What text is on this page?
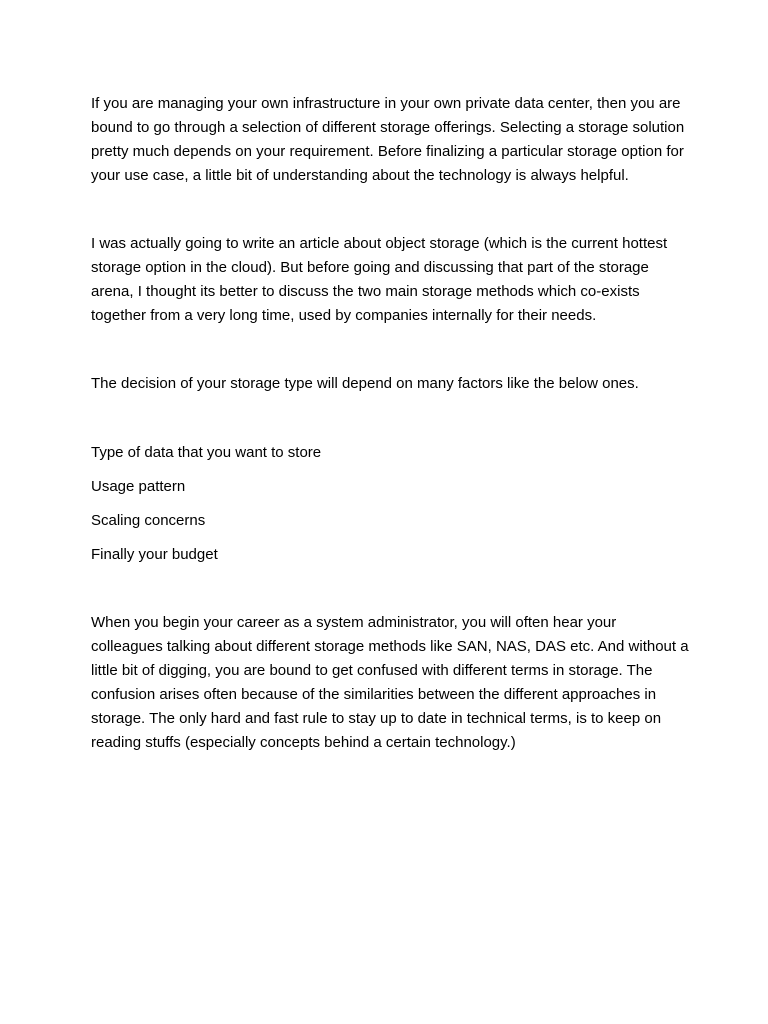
If you are managing your own infrastructure in your own private data center, then you are bound to go through a selection of different storage offerings. Selecting a storage solution pretty much depends on your requirement. Before finalizing a particular storage option for your use case, a little bit of understanding about the technology is always helpful.

I was actually going to write an article about object storage (which is the current hottest storage option in the cloud). But before going and discussing that part of the storage arena, I thought its better to discuss the two main storage methods which co-exists together from a very long time, used by companies internally for their needs.

The decision of your storage type will depend on many factors like the below ones.

Type of data that you want to store
Usage pattern
Scaling concerns
Finally your budget

When you begin your career as a system administrator, you will often hear your colleagues talking about different storage methods like SAN, NAS, DAS etc. And without a little bit of digging, you are bound to get confused with different terms in storage. The confusion arises often because of the similarities between the different approaches in storage. The only hard and fast rule to stay up to date in technical terms, is to keep on reading stuffs (especially concepts behind a certain technology.)
